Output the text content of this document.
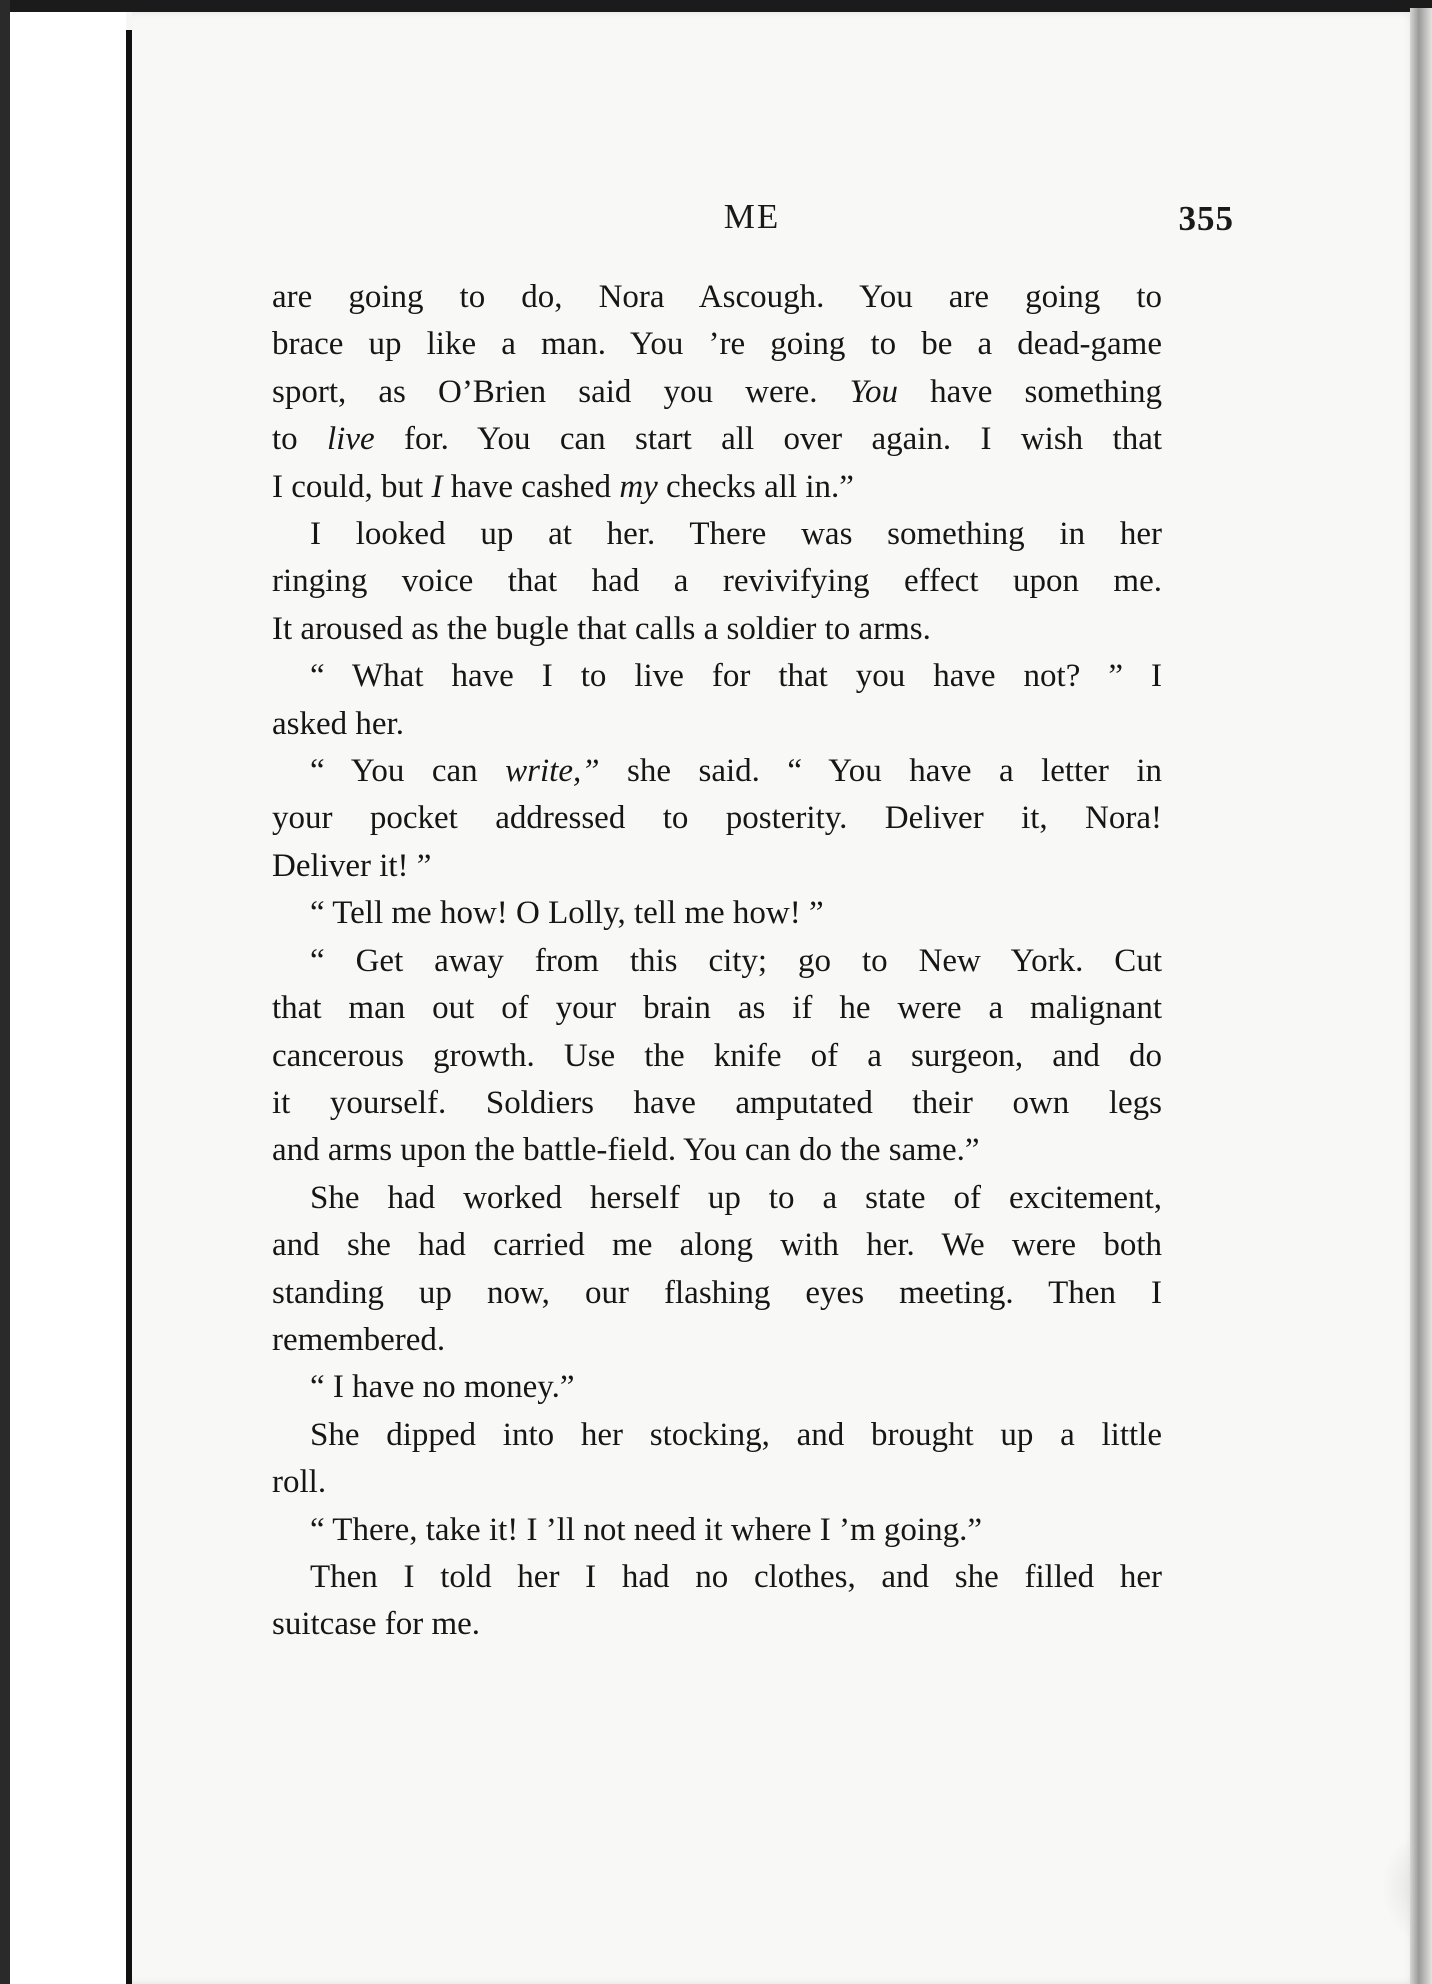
ME	355

are going to do, Nora Ascough. You are going to

brace up like a man. You ’re going to be a dead-game

sport, as O’Brien said you were. You have something

to live for. You can start all over again. I wish that

I could, but I have cashed my checks all in.”

I looked up at her. There was something in her

ringing voice that had a revivifying effect upon me.

It aroused as the bugle that calls a soldier to arms.

“ What have I to live for that you have not? ” I

asked her.

“ You can write,” she said. “ You have a letter in

your pocket addressed to posterity. Deliver it, Nora!

Deliver it! ”

“ Tell me how! O Lolly, tell me how! ”

“ Get away from this city; go to New York. Cut

that man out of your brain as if he were a malignant

cancerous growth. Use the knife of a surgeon, and do

it yourself. Soldiers have amputated their own legs

and arms upon the battle-field. You can do the same.”

She had worked herself up to a state of excitement,

and she had carried me along with her. We were both

standing up now, our flashing eyes meeting. Then I

remembered.

“ I have no money.”

She dipped into her stocking, and brought up a little

roll.

“ There, take it! I ’ll not need it where I ’m going.”

Then I told her I had no clothes, and she filled her

suitcase for me.
